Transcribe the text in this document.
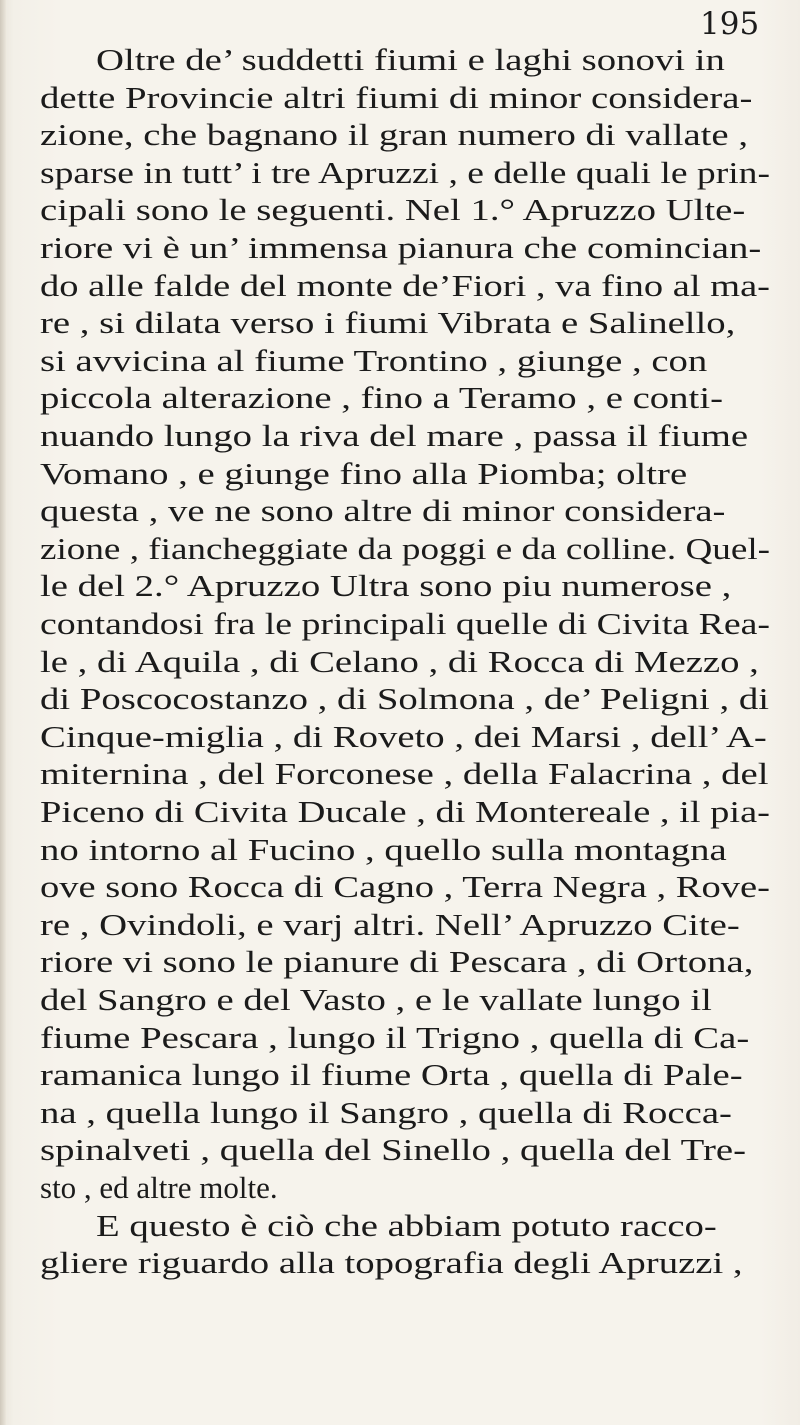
195
Oltre de’ suddetti fiumi e laghi sonovi in
dette Provincie altri fiumi di minor considera-
zione, che bagnano il gran numero di vallate ,
sparse in tutt’ i tre Apruzzi , e delle quali le prin-
cipali sono le seguenti. Nel 1.° Apruzzo Ulte-
riore vi è un’ immensa pianura che comincian-
do alle falde del monte de’Fiori , va fino al ma-
re , si dilata verso i fiumi Vibrata e Salinello,
si avvicina al fiume Trontino , giunge , con
piccola alterazione , fino a Teramo , e conti-
nuando lungo la riva del mare , passa il fiume
Vomano , e giunge fino alla Piomba; oltre
questa , ve ne sono altre di minor considera-
zione , fiancheggiate da poggi e da colline. Quel-
le del 2.° Apruzzo Ultra sono piu numerose ,
contandosi fra le principali quelle di Civita Rea-
le , di Aquila , di Celano , di Rocca di Mezzo ,
di Poscocostanzo , di Solmona , de’ Peligni , di
Cinque-miglia , di Roveto , dei Marsi , dell’ A-
miternina , del Forconese , della Falacrina , del
Piceno di Civita Ducale , di Montereale , il pia-
no intorno al Fucino , quello sulla montagna
ove sono Rocca di Cagno , Terra Negra , Rove-
re , Ovindoli, e varj altri. Nell’ Apruzzo Cite-
riore vi sono le pianure di Pescara , di Ortona,
del Sangro e del Vasto , e le vallate lungo il
fiume Pescara , lungo il Trigno , quella di Ca-
ramanica lungo il fiume Orta , quella di Pale-
na , quella lungo il Sangro , quella di Rocca-
spinalveti , quella del Sinello , quella del Tre-
sto , ed altre molte.
E questo è ciò che abbiam potuto racco-
gliere riguardo alla topografia degli Apruzzi ,
